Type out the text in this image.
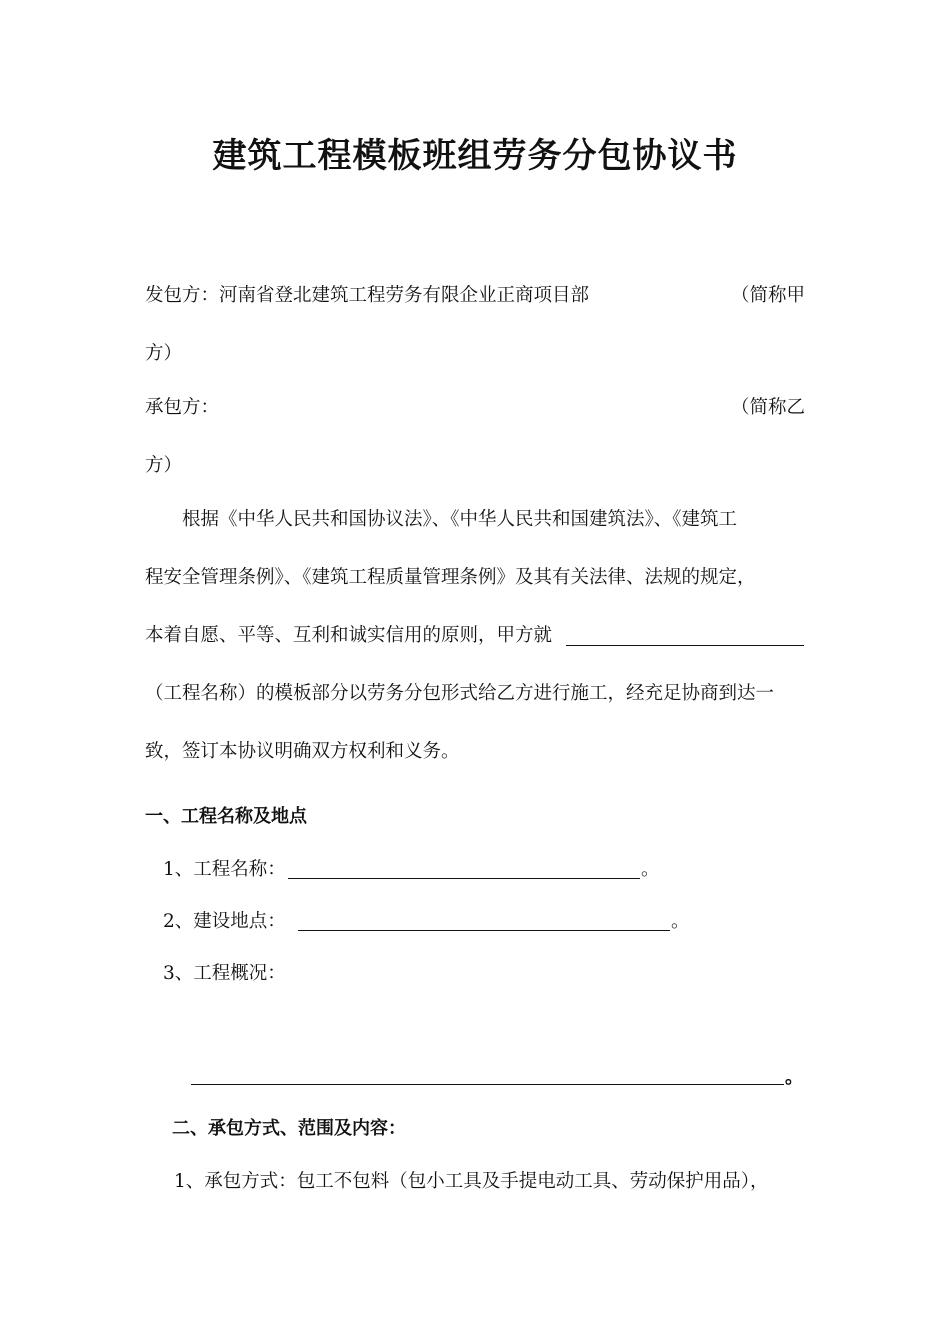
建筑工程模板班组劳务分包协议书
发包方：河南省登北建筑工程劳务有限企业正商项目部	（简称甲
方）
承包方：	（简称乙
方）
根据《中华人民共和国协议法》、《中华人民共和国建筑法》、《建筑工
程安全管理条例》、《建筑工程质量管理条例》及其有关法律、法规的规定，
本着自愿、平等、互利和诚实信用的原则，甲方就
（工程名称）的模板部分以劳务分包形式给乙方进行施工，经充足协商到达一
致，签订本协议明确双方权利和义务。
一、工程名称及地点
1、工程名称：	。
2、建设地点：	。
3、工程概况：
。
二、承包方式、范围及内容：
1、承包方式：包工不包料（包小工具及手提电动工具、劳动保护用品），
